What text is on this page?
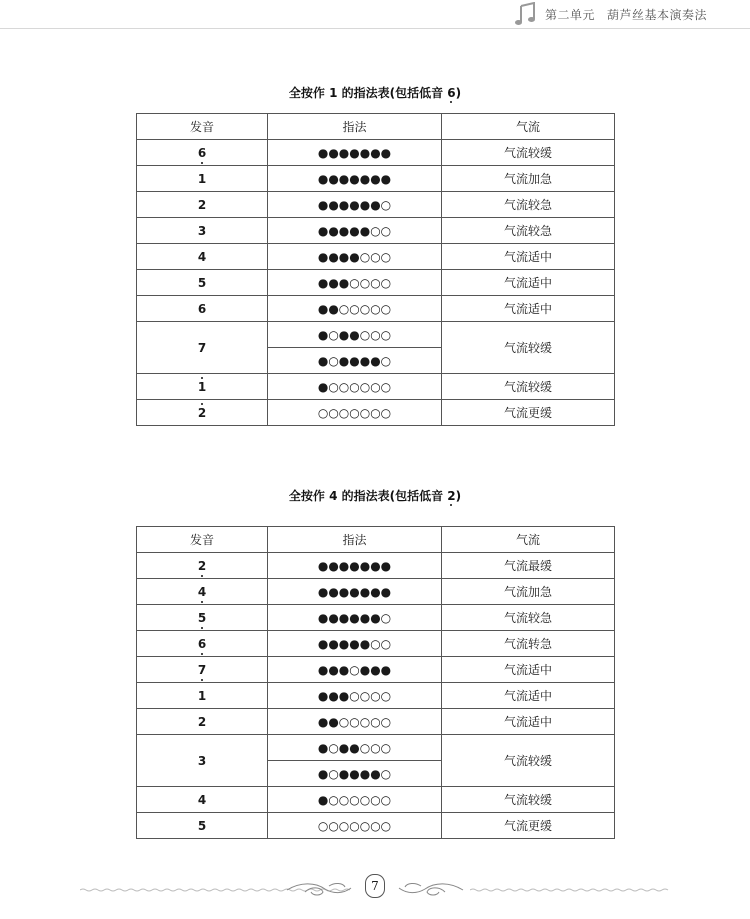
第二单元 葫芦丝基本演奏法
全按作 1 的指法表(包括低音 6)
发音	指法	气流
6	●●●●●●●	气流较缓
1	●●●●●●●	气流加急
2	●●●●●●○	气流较急
3	●●●●●○○	气流较急
4	●●●●○○○	气流适中
5	●●●○○○○	气流适中
6	●●○○○○○	气流适中
7	●○●●○○○	气流较缓
	●○●●●●○	
1	●○○○○○○	气流较缓
2	○○○○○○○	气流更缓
全按作 4 的指法表(包括低音 2)
发音	指法	气流
2	●●●●●●●	气流最缓
4	●●●●●●●	气流加急
5	●●●●●●○	气流较急
6	●●●●●○○	气流转急
7	●●●○●●●	气流适中
1	●●●○○○○	气流适中
2	●●○○○○○	气流适中
3	●○●●○○○	气流较缓
	●○●●●●○	
4	●○○○○○○	气流较缓
5	○○○○○○○	气流更缓
7
